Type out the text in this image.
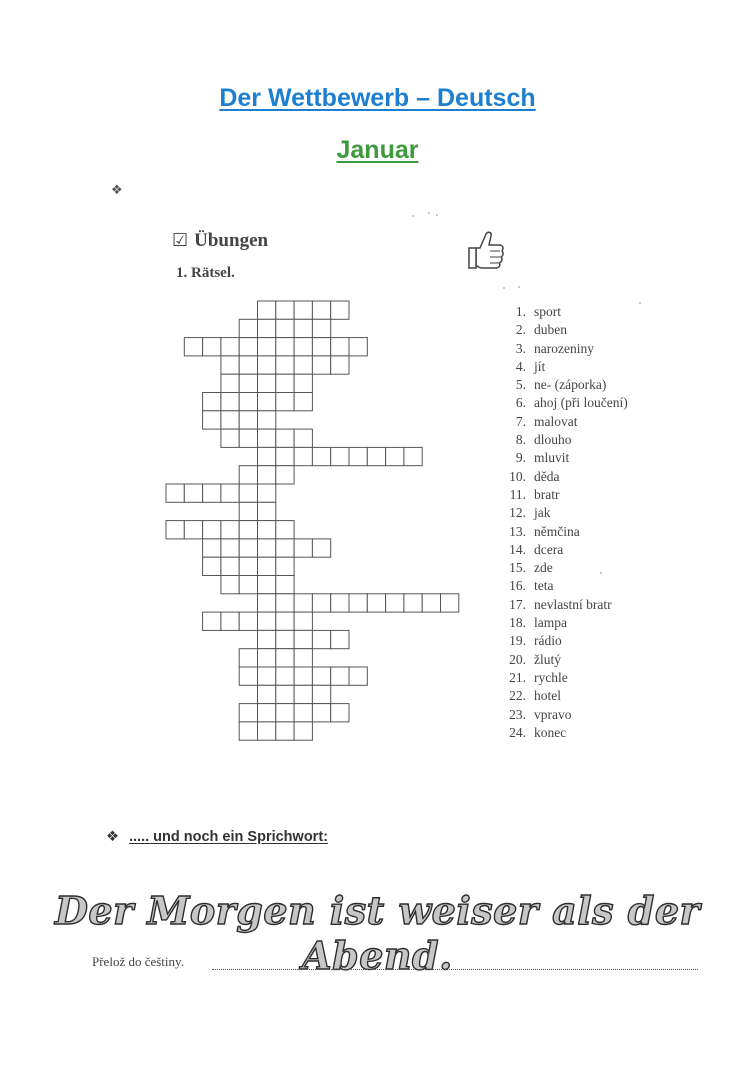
Der Wettbewerb – Deutsch
Januar
❖
☑ Übungen
1. Rätsel.
1. sport
2. duben
3. narozeniny
4. jít
5. ne- (záporka)
6. ahoj (při loučení)
7. malovat
8. dlouho
9. mluvit
10. děda
11. bratr
12. jak
13. němčina
14. dcera
15. zde
16. teta
17. nevlastní bratr
18. lampa
19. rádio
20. žlutý
21. rychle
22. hotel
23. vpravo
24. konec
❖ ..... und noch ein Sprichwort:
Der Morgen ist weiser als der Abend.
Přelož do češtiny.
